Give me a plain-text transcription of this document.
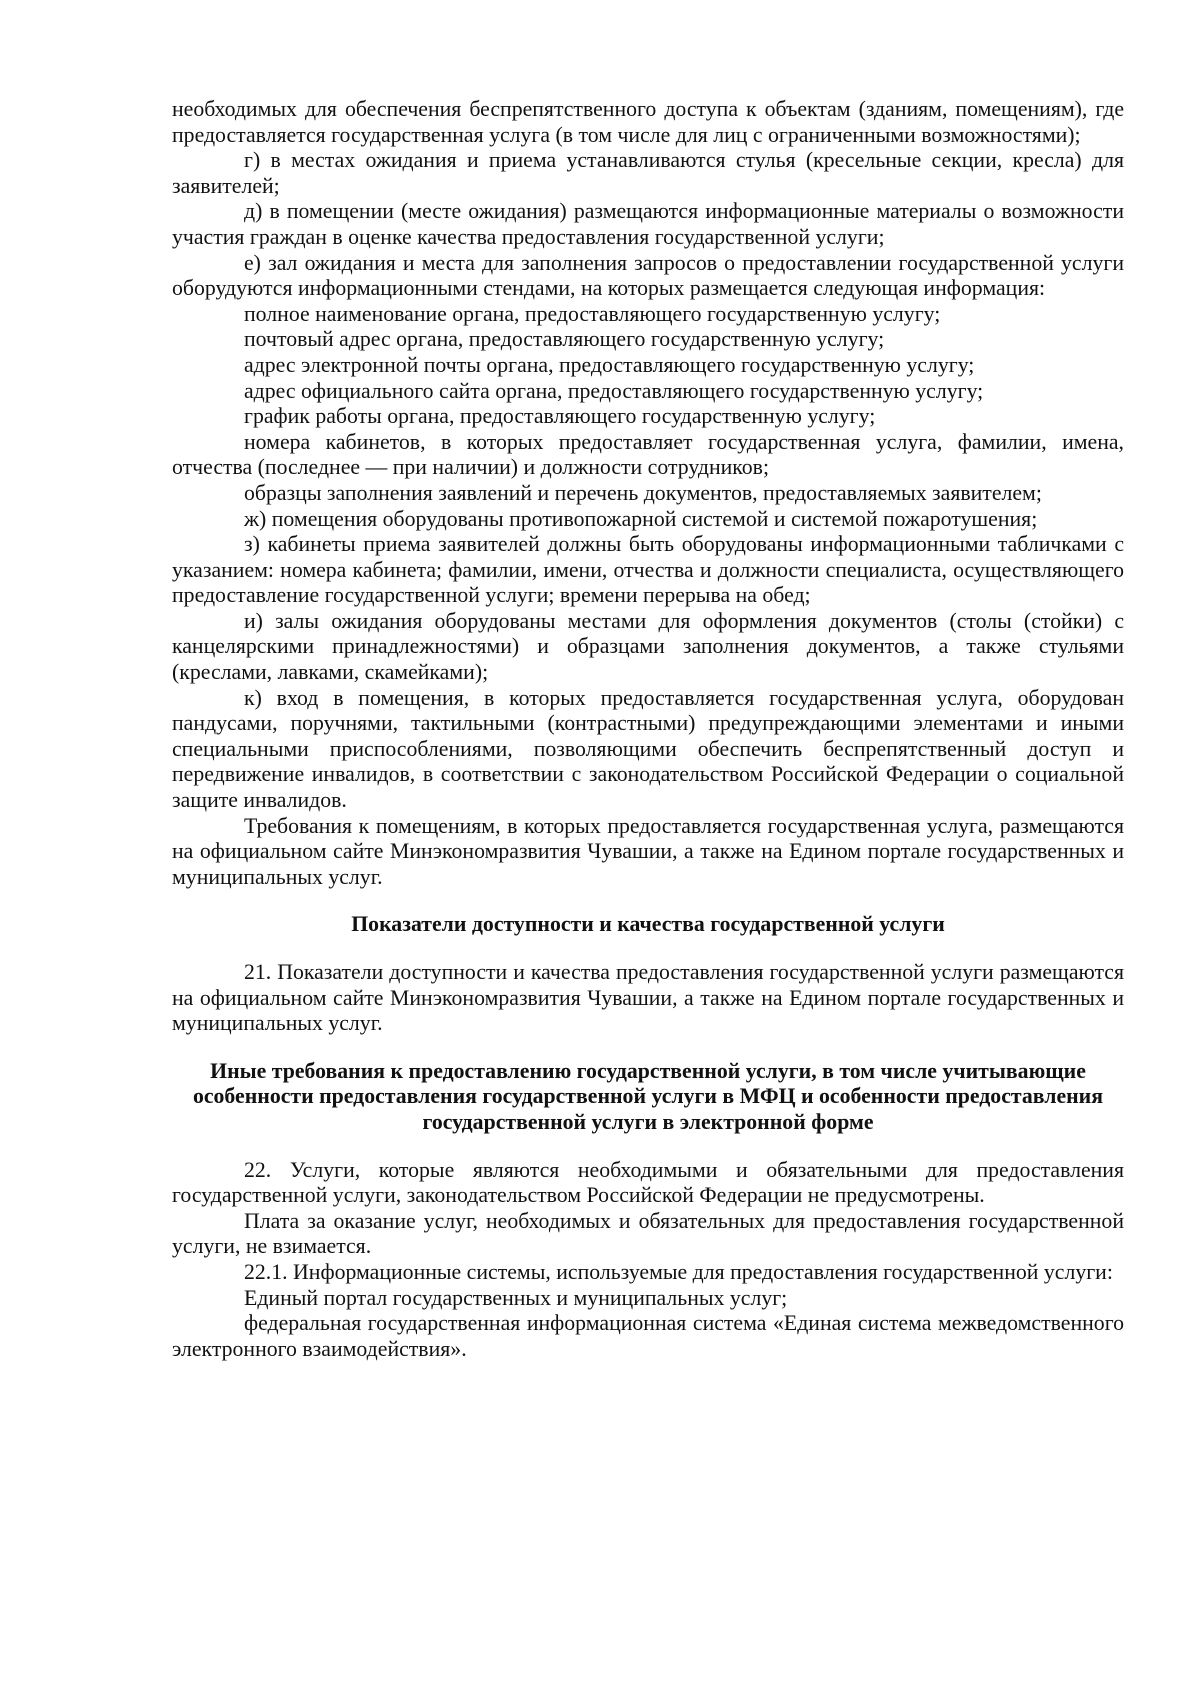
необходимых для обеспечения беспрепятственного доступа к объектам (зданиям, помещениям), где предоставляется государственная услуга (в том числе для лиц с ограниченными возможностями);

г) в местах ожидания и приема устанавливаются стулья (кресельные секции, кресла) для заявителей;

д) в помещении (месте ожидания) размещаются информационные материалы о возможности участия граждан в оценке качества предоставления государственной услуги;

е) зал ожидания и места для заполнения запросов о предоставлении государственной услуги оборудуются информационными стендами, на которых размещается следующая информация:

полное наименование органа, предоставляющего государственную услугу;

почтовый адрес органа, предоставляющего государственную услугу;

адрес электронной почты органа, предоставляющего государственную услугу;

адрес официального сайта органа, предоставляющего государственную услугу;

график работы органа, предоставляющего государственную услугу;

номера кабинетов, в которых предоставляет государственная услуга, фамилии, имена, отчества (последнее — при наличии) и должности сотрудников;

образцы заполнения заявлений и перечень документов, предоставляемых заявителем;

ж) помещения оборудованы противопожарной системой и системой пожаротушения;

з) кабинеты приема заявителей должны быть оборудованы информационными табличками с указанием: номера кабинета; фамилии, имени, отчества и должности специалиста, осуществляющего предоставление государственной услуги; времени перерыва на обед;

и) залы ожидания оборудованы местами для оформления документов (столы (стойки) с канцелярскими принадлежностями) и образцами заполнения документов, а также стульями (креслами, лавками, скамейками);

к) вход в помещения, в которых предоставляется государственная услуга, оборудован пандусами, поручнями, тактильными (контрастными) предупреждающими элементами и иными специальными приспособлениями, позволяющими обеспечить беспрепятственный доступ и передвижение инвалидов, в соответствии с законодательством Российской Федерации о социальной защите инвалидов.

Требования к помещениям, в которых предоставляется государственная услуга, размещаются на официальном сайте Минэкономразвития Чувашии, а также на Едином портале государственных и муниципальных услуг.

Показатели доступности и качества государственной услуги

21. Показатели доступности и качества предоставления государственной услуги размещаются на официальном сайте Минэкономразвития Чувашии, а также на Едином портале государственных и муниципальных услуг.

Иные требования к предоставлению государственной услуги, в том числе учитывающие особенности предоставления государственной услуги в МФЦ и особенности предоставления государственной услуги в электронной форме

22. Услуги, которые являются необходимыми и обязательными для предоставления государственной услуги, законодательством Российской Федерации не предусмотрены.

Плата за оказание услуг, необходимых и обязательных для предоставления государственной услуги, не взимается.

22.1. Информационные системы, используемые для предоставления государственной услуги:

Единый портал государственных и муниципальных услуг;

федеральная государственная информационная система «Единая система межведомственного электронного взаимодействия».
